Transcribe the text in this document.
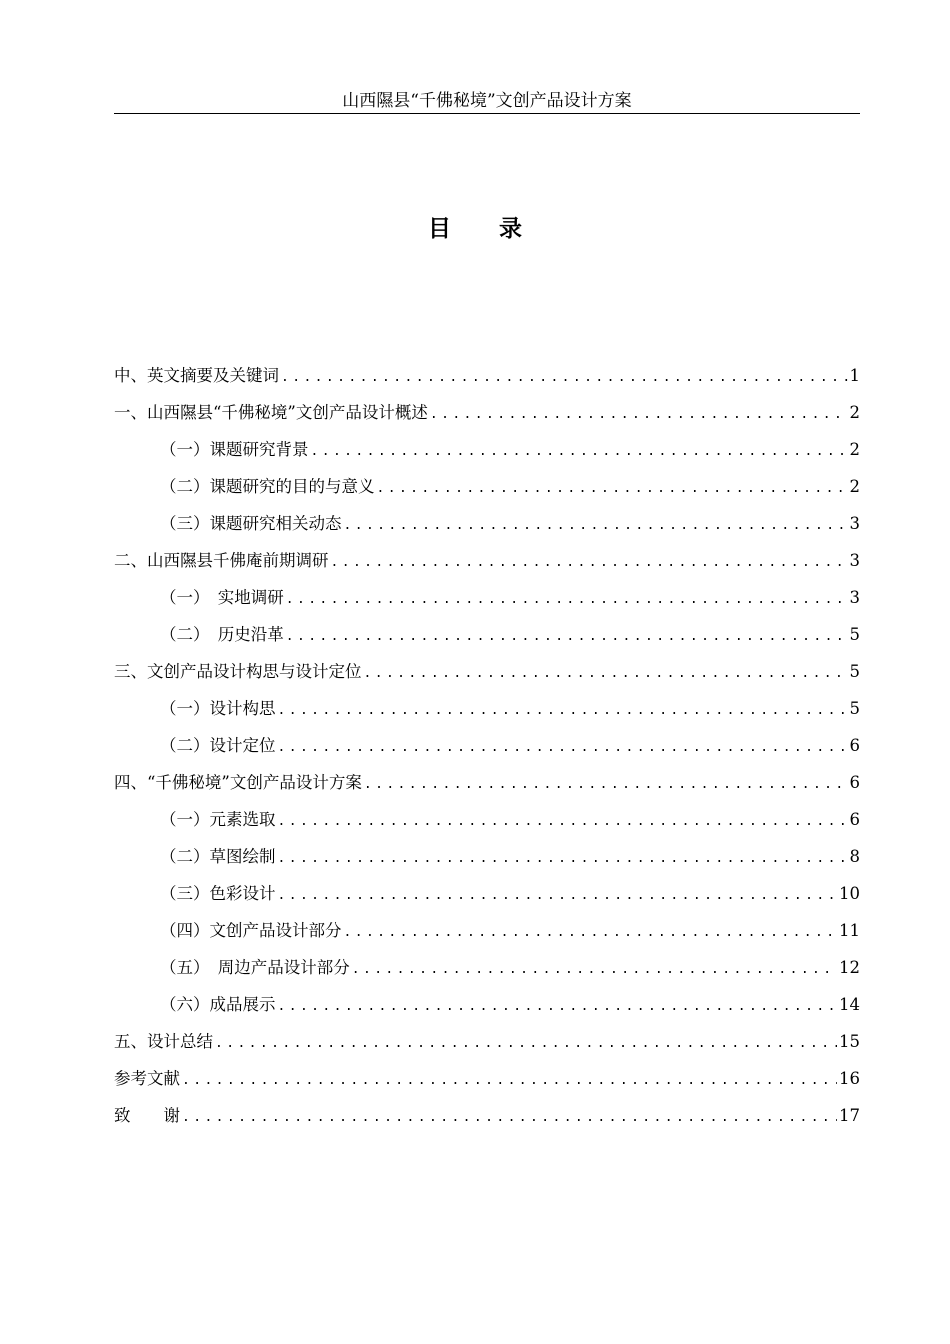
山西隰县“千佛秘境”文创产品设计方案
目录
中、英文摘要及关键词 .....	1
一、山西隰县“千佛秘境”文创产品设计概述 .....	2
（一）课题研究背景 .....	2
（二）课题研究的目的与意义 .....	2
（三）课题研究相关动态 .....	3
二、山西隰县千佛庵前期调研 .....	3
（一）　实地调研 .....	3
（二）　历史沿革 .....	5
三、文创产品设计构思与设计定位 .....	5
（一）设计构思 .....	5
（二）设计定位 .....	6
四、“千佛秘境”文创产品设计方案 .....	6
（一）元素选取 .....	6
（二）草图绘制 .....	8
（三）色彩设计 .....	10
（四）文创产品设计部分 .....	11
（五）　周边产品设计部分 .....	12
（六）成品展示 .....	14
五、设计总结 .....	15
参考文献 .....	16
致　　谢 .....	17
